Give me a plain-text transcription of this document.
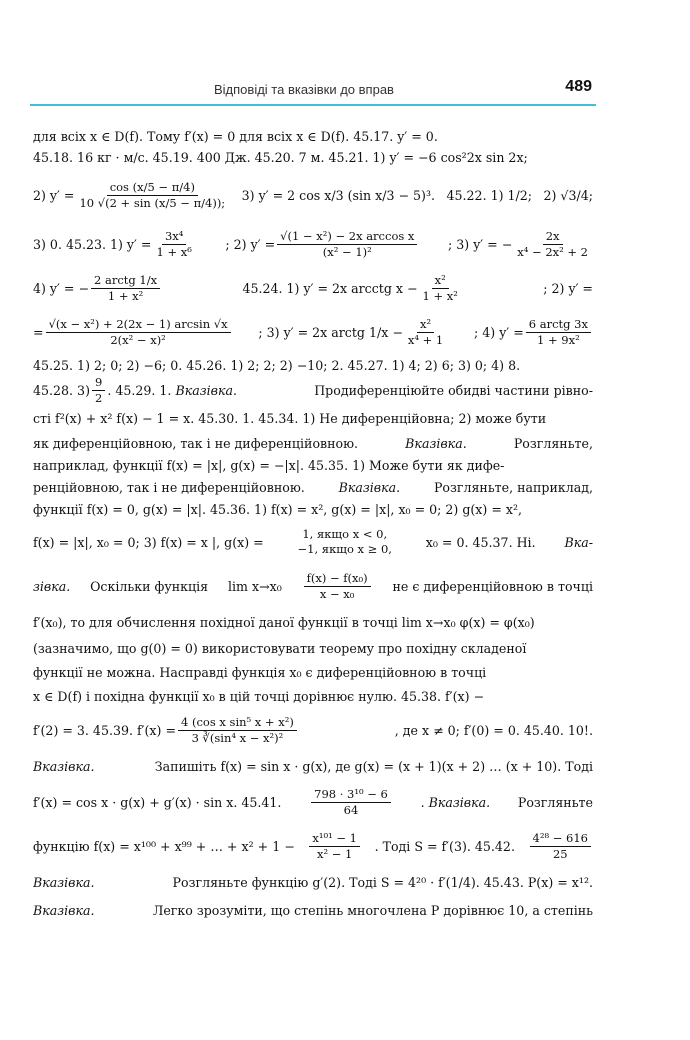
Відповіді та вказівки до вправ	489
для всіх x ∈ D(f). Тому f′(x) = 0 для всіх x ∈ D(f). 45.17. y′ = 0.
45.18. 16 кг · м/с. 45.19. 400 Дж. 45.20. 7 м. 45.21. 1) y′ = −6 cos²2x sin 2x;
2) $y' = \frac{\cos (x/5 - \pi/4)}{10 √(2 + \sin (x/5 - \pi/4));} 3$) y′ = 2 cos x/3 (sin x/3 − 5)³. 45.22. 1) 1/2; 2) √3/4;
3) 0. 45.23. 1) $y' = \frac{\text{3x⁴}}{\text{1 + x⁶}}$ ; 2) $y' = \frac{\text{√(1 − x²) − 2x arccos x}}{\text{(x² − 1)²}}$ ; 3) y′ = − $\frac{2x}{\text{x⁴ − 2x² + 2}}$
4) y′ = − $\frac{\text{2 arctg 1/x}}{\text{1 + x²}}$	45.24. 1) y′ = 2x arcctg $x - \frac{\text{x²}}{\text{1 + x²}}$	; 2) y′ =
= $\frac{\text{√(x − x²) + 2(2x − 1) arcsin √x}}{\text{2(x² − x)²}}$ ; 3) y′ = 2x arctg $1/x - \frac{\text{x²}}{\text{x⁴ + 1}}$ ; 4) $y' = \frac{\text{6 arctg 3x}}{\text{1 + 9x²}}$
45.25. 1) 2; 0; 2) −6; 0. 45.26. 1) 2; 2; 2) −10; 2. 45.27. 1) 4; 2) 6; 3) 0; 4) 8.
45.28. $3) \frac{9}{2}$ . 45.29. 1.
Вказівка.	Продиференціюйте обидві частини рівно-
сті f²(x) + x² f(x) − 1 = x. 45.30. 1. 45.34. 1) Не диференційовна; 2) може бути
як диференційовною, так і не диференційовною.	Вказівка.	Розгляньте,
наприклад, функції f(x) = |x|, g(x) = −|x|. 45.35. 1) Може бути як дифе-
ренційовною, так і не диференційовною.	Вказівка.	Розгляньте, наприклад,
функції f(x) = 0, g(x) = |x|. 45.36. 1) f(x) = x², g(x) = |x|, x₀ = 0; 2) g(x) = x²,
f(x) = |x|, x₀ = 0; 3) f(x) = x |, g(x) =
1, якщо x < 0,
−1, якщо x ≥ 0,	x₀ = 0. 45.37. Ні. Вка-
зівка. Оскільки функція $\lim x\to x_0 \frac{\text{f(x) − f(x₀)}}{\text{x − x₀}}$ не є диференційовною в точці
f′(x₀), то для обчислення похідної даної функції в точці lim x→x₀ φ(x) = φ(x₀)
(зазначимо, що g(0) = 0) використовувати теорему про похідну складеної
функції не можна. Насправді функція x₀ є диференційовною в точці
x ∈ D(f) і похідна функції x₀ в цій точці дорівнює нулю. 45.38. f′(x) −
f′(2) = 3. 45.39. $f'(x) = \frac{\text{4 (cos x sin⁵ x + x²)}}{\text{3 ∛(sin⁴ x − x²)²}}$	, де x ≠ 0; f′(0) = 0. 45.40. 10!.
Вказівка.	Запишіть f(x) = sin x · g(x), де g(x) = (x + 1)(x + 2) … (x + 10). Тоді
f′(x) = cos x · g(x) + g′(x) · sin x. 45.41.	$\frac{\text{798 · 3¹⁰ − 6}}{64}$ . Вказівка. Розгляньте
функцію f(x) = x¹⁰⁰ + x⁹⁹ + … + $x^2 + 1 - \frac{\text{x¹⁰¹ − 1}}{\text{x² − 1}}$ . Тоді S = f′(3). 45.42. $\frac{\text{4²⁸ − 616}}{25}$
Вказівка.	Розгляньте функцію g′(2). Тоді S = 4²⁰ · f′(1/4). 45.43. P(x) = x¹².
Вказівка.	Легко зрозуміти, що степінь многочлена P дорівнює 10, а степінь
